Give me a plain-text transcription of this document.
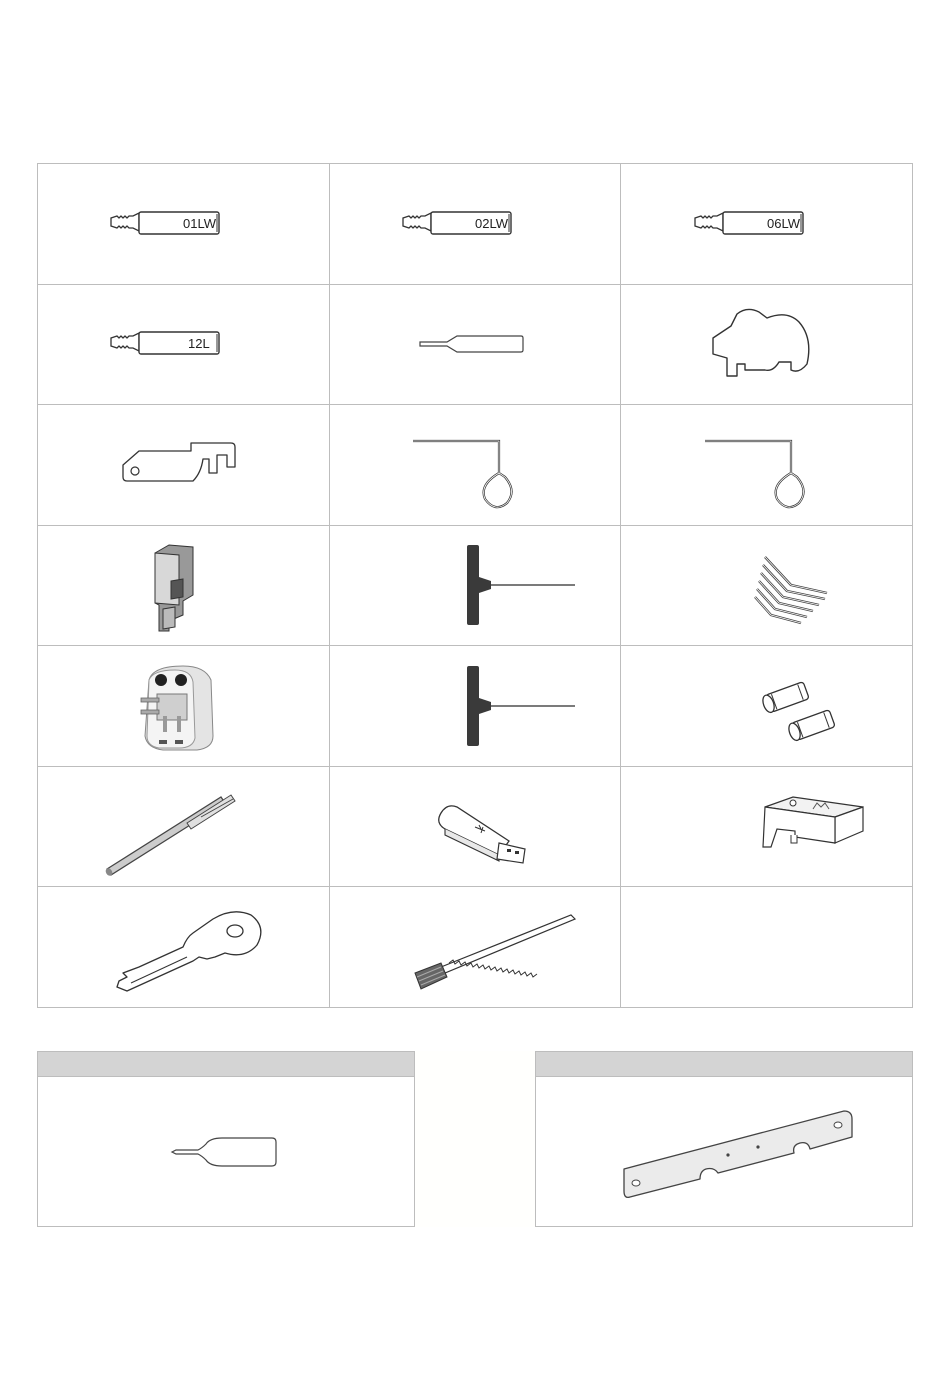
01LW	02LW	06LW
12L
